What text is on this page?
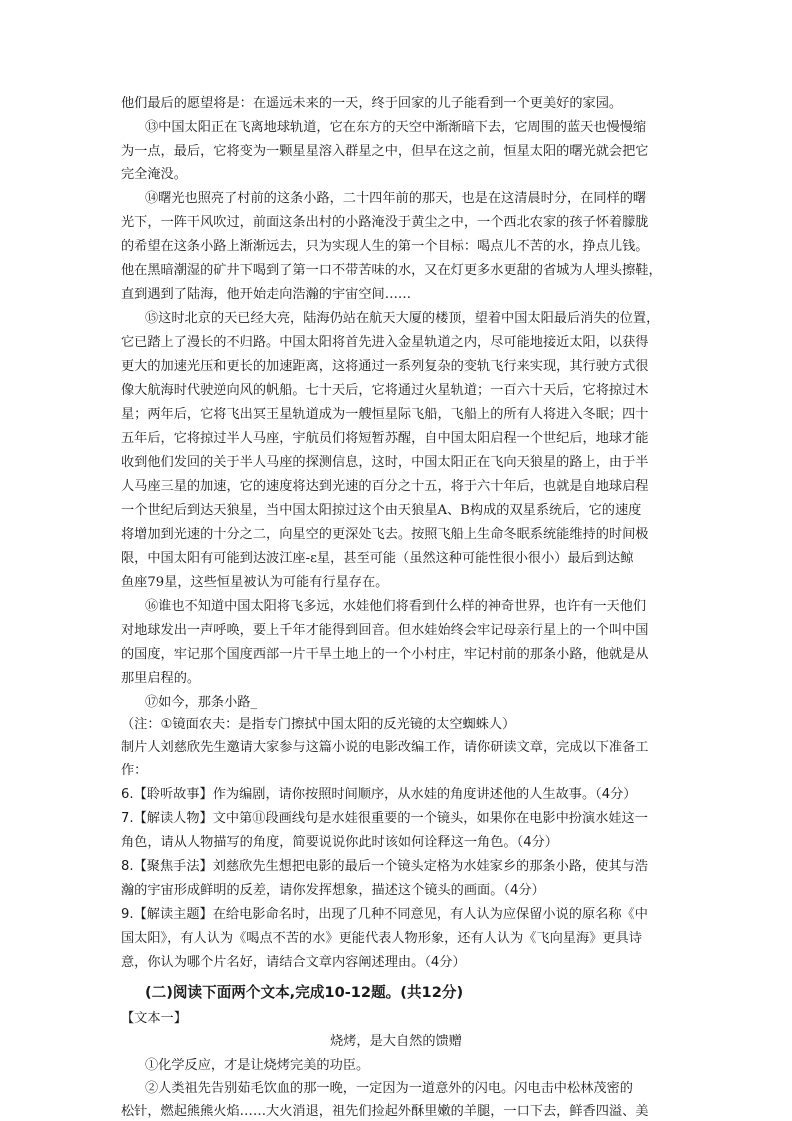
他们最后的愿望将是：在遥远未来的一天，终于回家的儿子能看到一个更美好的家园。
⑬中国太阳正在飞离地球轨道，它在东方的天空中渐渐暗下去，它周围的蓝天也慢慢缩
为一点，最后，它将变为一颗星星溶入群星之中，但早在这之前，恒星太阳的曙光就会把它
完全淹没。
⑭曙光也照亮了村前的这条小路，二十四年前的那天，也是在这清晨时分，在同样的曙
光下，一阵干风吹过，前面这条出村的小路淹没于黄尘之中，一个西北农家的孩子怀着朦胧
的希望在这条小路上渐渐远去，只为实现人生的第一个目标：喝点儿不苦的水，挣点儿钱。
他在黑暗潮湿的矿井下喝到了第一口不带苦味的水，又在灯更多水更甜的省城为人埋头擦鞋，
直到遇到了陆海，他开始走向浩瀚的宇宙空间……
⑮这时北京的天已经大亮，陆海仍站在航天大厦的楼顶，望着中国太阳最后消失的位置，
它已踏上了漫长的不归路。中国太阳将首先进入金星轨道之内，尽可能地接近太阳，以获得
更大的加速光压和更长的加速距离，这将通过一系列复杂的变轨飞行来实现，其行驶方式很
像大航海时代驶逆向风的帆船。七十天后，它将通过火星轨道；一百六十天后，它将掠过木
星；两年后，它将飞出冥王星轨道成为一艘恒星际飞船，飞船上的所有人将进入冬眠；四十
五年后，它将掠过半人马座，宇航员们将短暂苏醒，自中国太阳启程一个世纪后，地球才能
收到他们发回的关于半人马座的探测信息，这时，中国太阳正在飞向天狼星的路上，由于半
人马座三星的加速，它的速度将达到光速的百分之十五，将于六十年后，也就是自地球启程
一个世纪后到达天狼星，当中国太阳掠过这个由天狼星A、B构成的双星系统后，它的速度
将增加到光速的十分之二，向星空的更深处飞去。按照飞船上生命冬眠系统能维持的时间极
限，中国太阳有可能到达波江座-ε星，甚至可能（虽然这种可能性很小很小）最后到达鲸
鱼座79星，这些恒星被认为可能有行星存在。
⑯谁也不知道中国太阳将飞多远，水娃他们将看到什么样的神奇世界，也许有一天他们
对地球发出一声呼唤，要上千年才能得到回音。但水娃始终会牢记母亲行星上的一个叫中国
的国度，牢记那个国度西部一片干旱土地上的一个小村庄，牢记村前的那条小路，他就是从
那里启程的。
⑰如今，那条小路_
（注：①镜面农夫：是指专门擦拭中国太阳的反光镜的太空蜘蛛人）
制片人刘慈欣先生邀请大家参与这篇小说的电影改编工作，请你研读文章，完成以下准备工
作：
6.【聆听故事】作为编剧，请你按照时间顺序，从水娃的角度讲述他的人生故事。（4分）
7.【解读人物】文中第⑪段画线句是水娃很重要的一个镜头，如果你在电影中扮演水娃这一
角色，请从人物描写的角度，简要说说你此时该如何诠释这一角色。（4分）
8.【聚焦手法】刘慈欣先生想把电影的最后一个镜头定格为水娃家乡的那条小路，使其与浩
瀚的宇宙形成鲜明的反差，请你发挥想象，描述这个镜头的画面。（4分）
9.【解读主题】在给电影命名时，出现了几种不同意见，有人认为应保留小说的原名称《中
国太阳》，有人认为《喝点不苦的水》更能代表人物形象，还有人认为《飞向星海》更具诗
意，你认为哪个片名好，请结合文章内容阐述理由。（4分）
(二)阅读下面两个文本,完成10-12题。(共12分)
【文本一】
烧烤，是大自然的馈赠
①化学反应，才是让烧烤完美的功臣。
②人类祖先告别茹毛饮血的那一晚，一定因为一道意外的闪电。闪电击中松林茂密的
松针，燃起熊熊火焰……大火消退，祖先们捡起外酥里嫩的羊腿，一口下去，鲜香四溢、美
